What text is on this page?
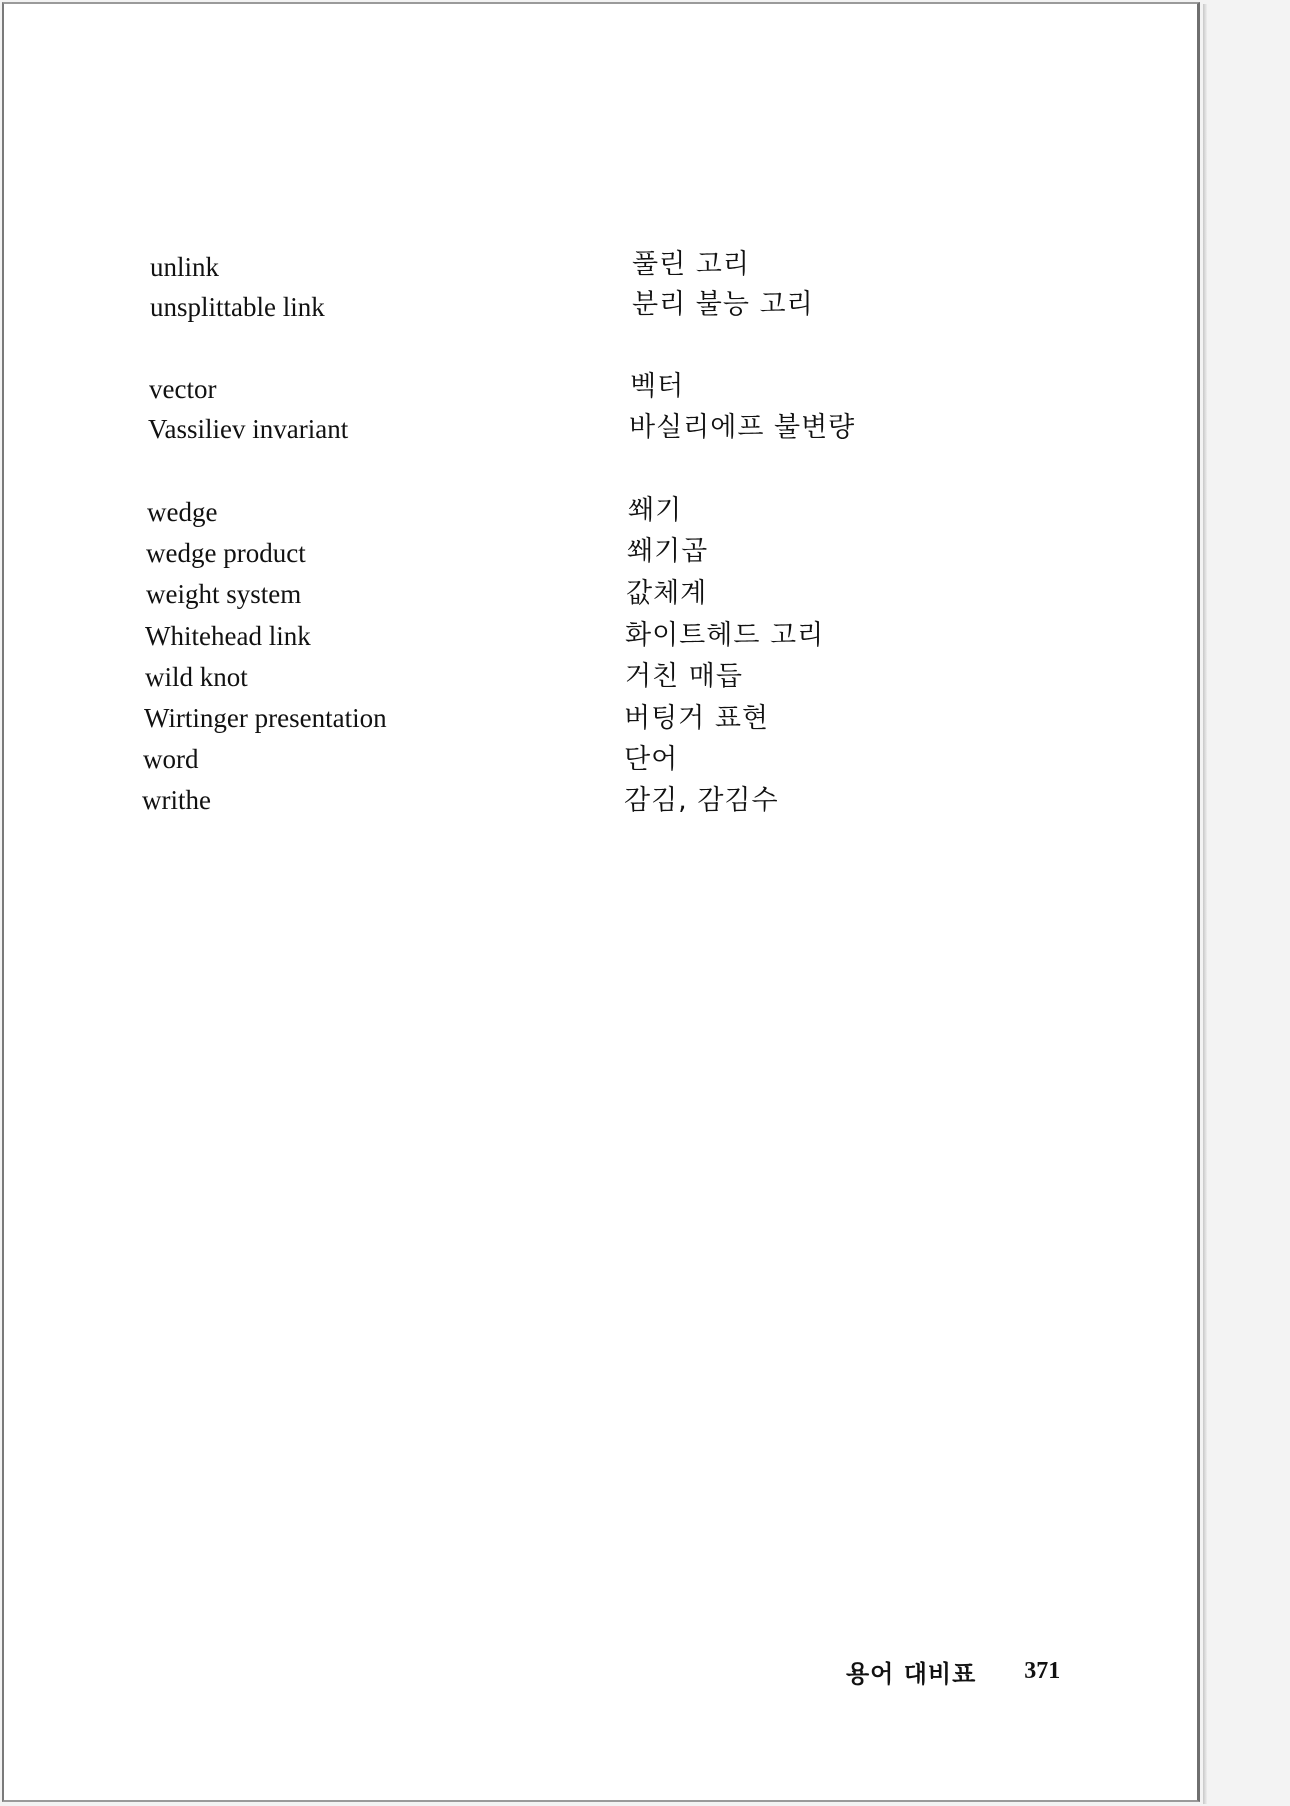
unlink	풀린 고리
unsplittable link	분리 불능 고리
vector	벡터
Vassiliev invariant	바실리에프 불변량
wedge	쐐기
wedge product	쐐기곱
weight system	값체계
Whitehead link	화이트헤드 고리
wild knot	거친 매듭
Wirtinger presentation	버팅거 표현
word	단어
writhe	감김, 감김수
용어 대비표 371
